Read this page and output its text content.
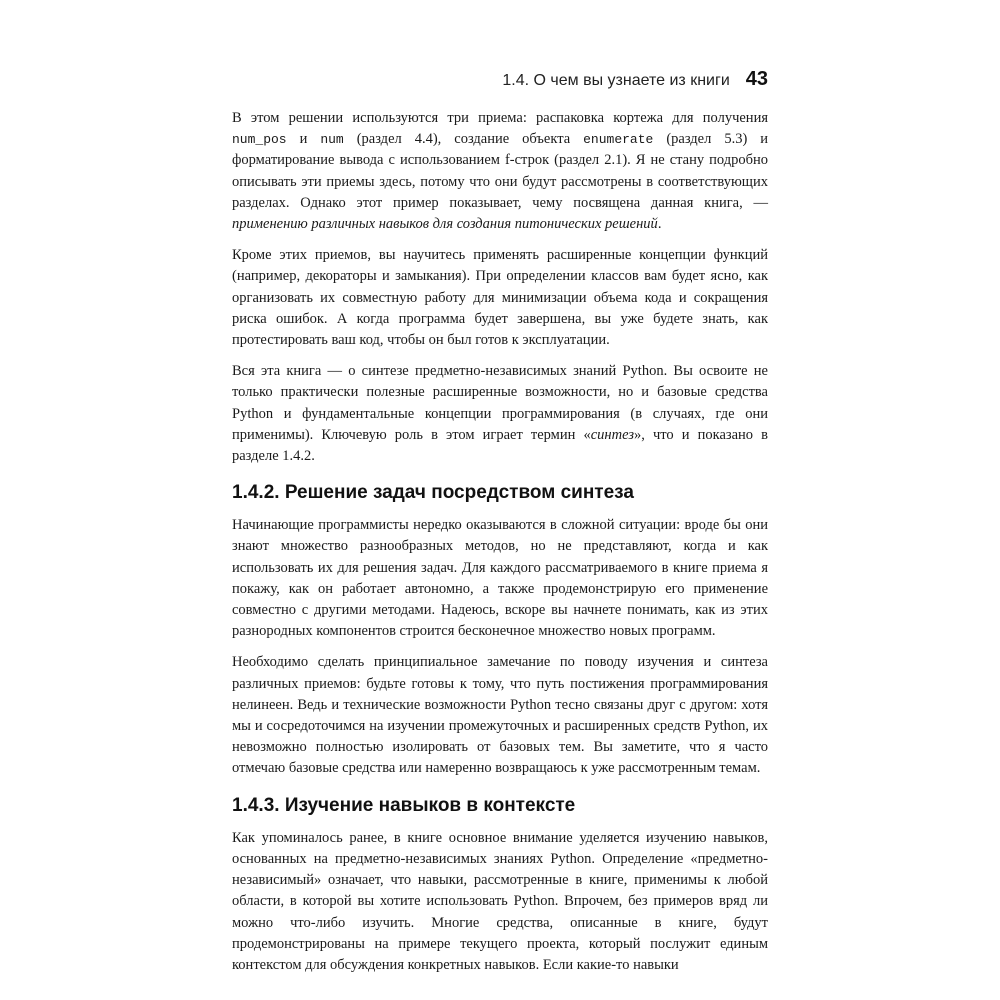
1.4. О чем вы узнаете из книги 43

В этом решении используются три приема: распаковка кортежа для получения num_pos и num (раздел 4.4), создание объекта enumerate (раздел 5.3) и форматирование вывода с использованием f-строк (раздел 2.1). Я не стану подробно описывать эти приемы здесь, потому что они будут рассмотрены в соответствующих разделах. Однако этот пример показывает, чему посвящена данная книга, — применению различных навыков для создания питонических решений.

Кроме этих приемов, вы научитесь применять расширенные концепции функций (например, декораторы и замыкания). При определении классов вам будет ясно, как организовать их совместную работу для минимизации объема кода и сокращения риска ошибок. А когда программа будет завершена, вы уже будете знать, как протестировать ваш код, чтобы он был готов к эксплуатации.

Вся эта книга — о синтезе предметно-независимых знаний Python. Вы освоите не только практически полезные расширенные возможности, но и базовые средства Python и фундаментальные концепции программирования (в случаях, где они применимы). Ключевую роль в этом играет термин «синтез», что и показано в разделе 1.4.2.

1.4.2. Решение задач посредством синтеза

Начинающие программисты нередко оказываются в сложной ситуации: вроде бы они знают множество разнообразных методов, но не представляют, когда и как использовать их для решения задач. Для каждого рассматриваемого в книге приема я покажу, как он работает автономно, а также продемонстрирую его применение совместно с другими методами. Надеюсь, вскоре вы начнете понимать, как из этих разнородных компонентов строится бесконечное множество новых программ.

Необходимо сделать принципиальное замечание по поводу изучения и синтеза различных приемов: будьте готовы к тому, что путь постижения программирования нелинеен. Ведь и технические возможности Python тесно связаны друг с другом: хотя мы и сосредоточимся на изучении промежуточных и расширенных средств Python, их невозможно полностью изолировать от базовых тем. Вы заметите, что я часто отмечаю базовые средства или намеренно возвращаюсь к уже рассмотренным темам.

1.4.3. Изучение навыков в контексте

Как упоминалось ранее, в книге основное внимание уделяется изучению навыков, основанных на предметно-независимых знаниях Python. Определение «предметно-независимый» означает, что навыки, рассмотренные в книге, применимы к любой области, в которой вы хотите использовать Python. Впрочем, без примеров вряд ли можно что-либо изучить. Многие средства, описанные в книге, будут продемонстрированы на примере текущего проекта, который послужит единым контекстом для обсуждения конкретных навыков. Если какие-то навыки
